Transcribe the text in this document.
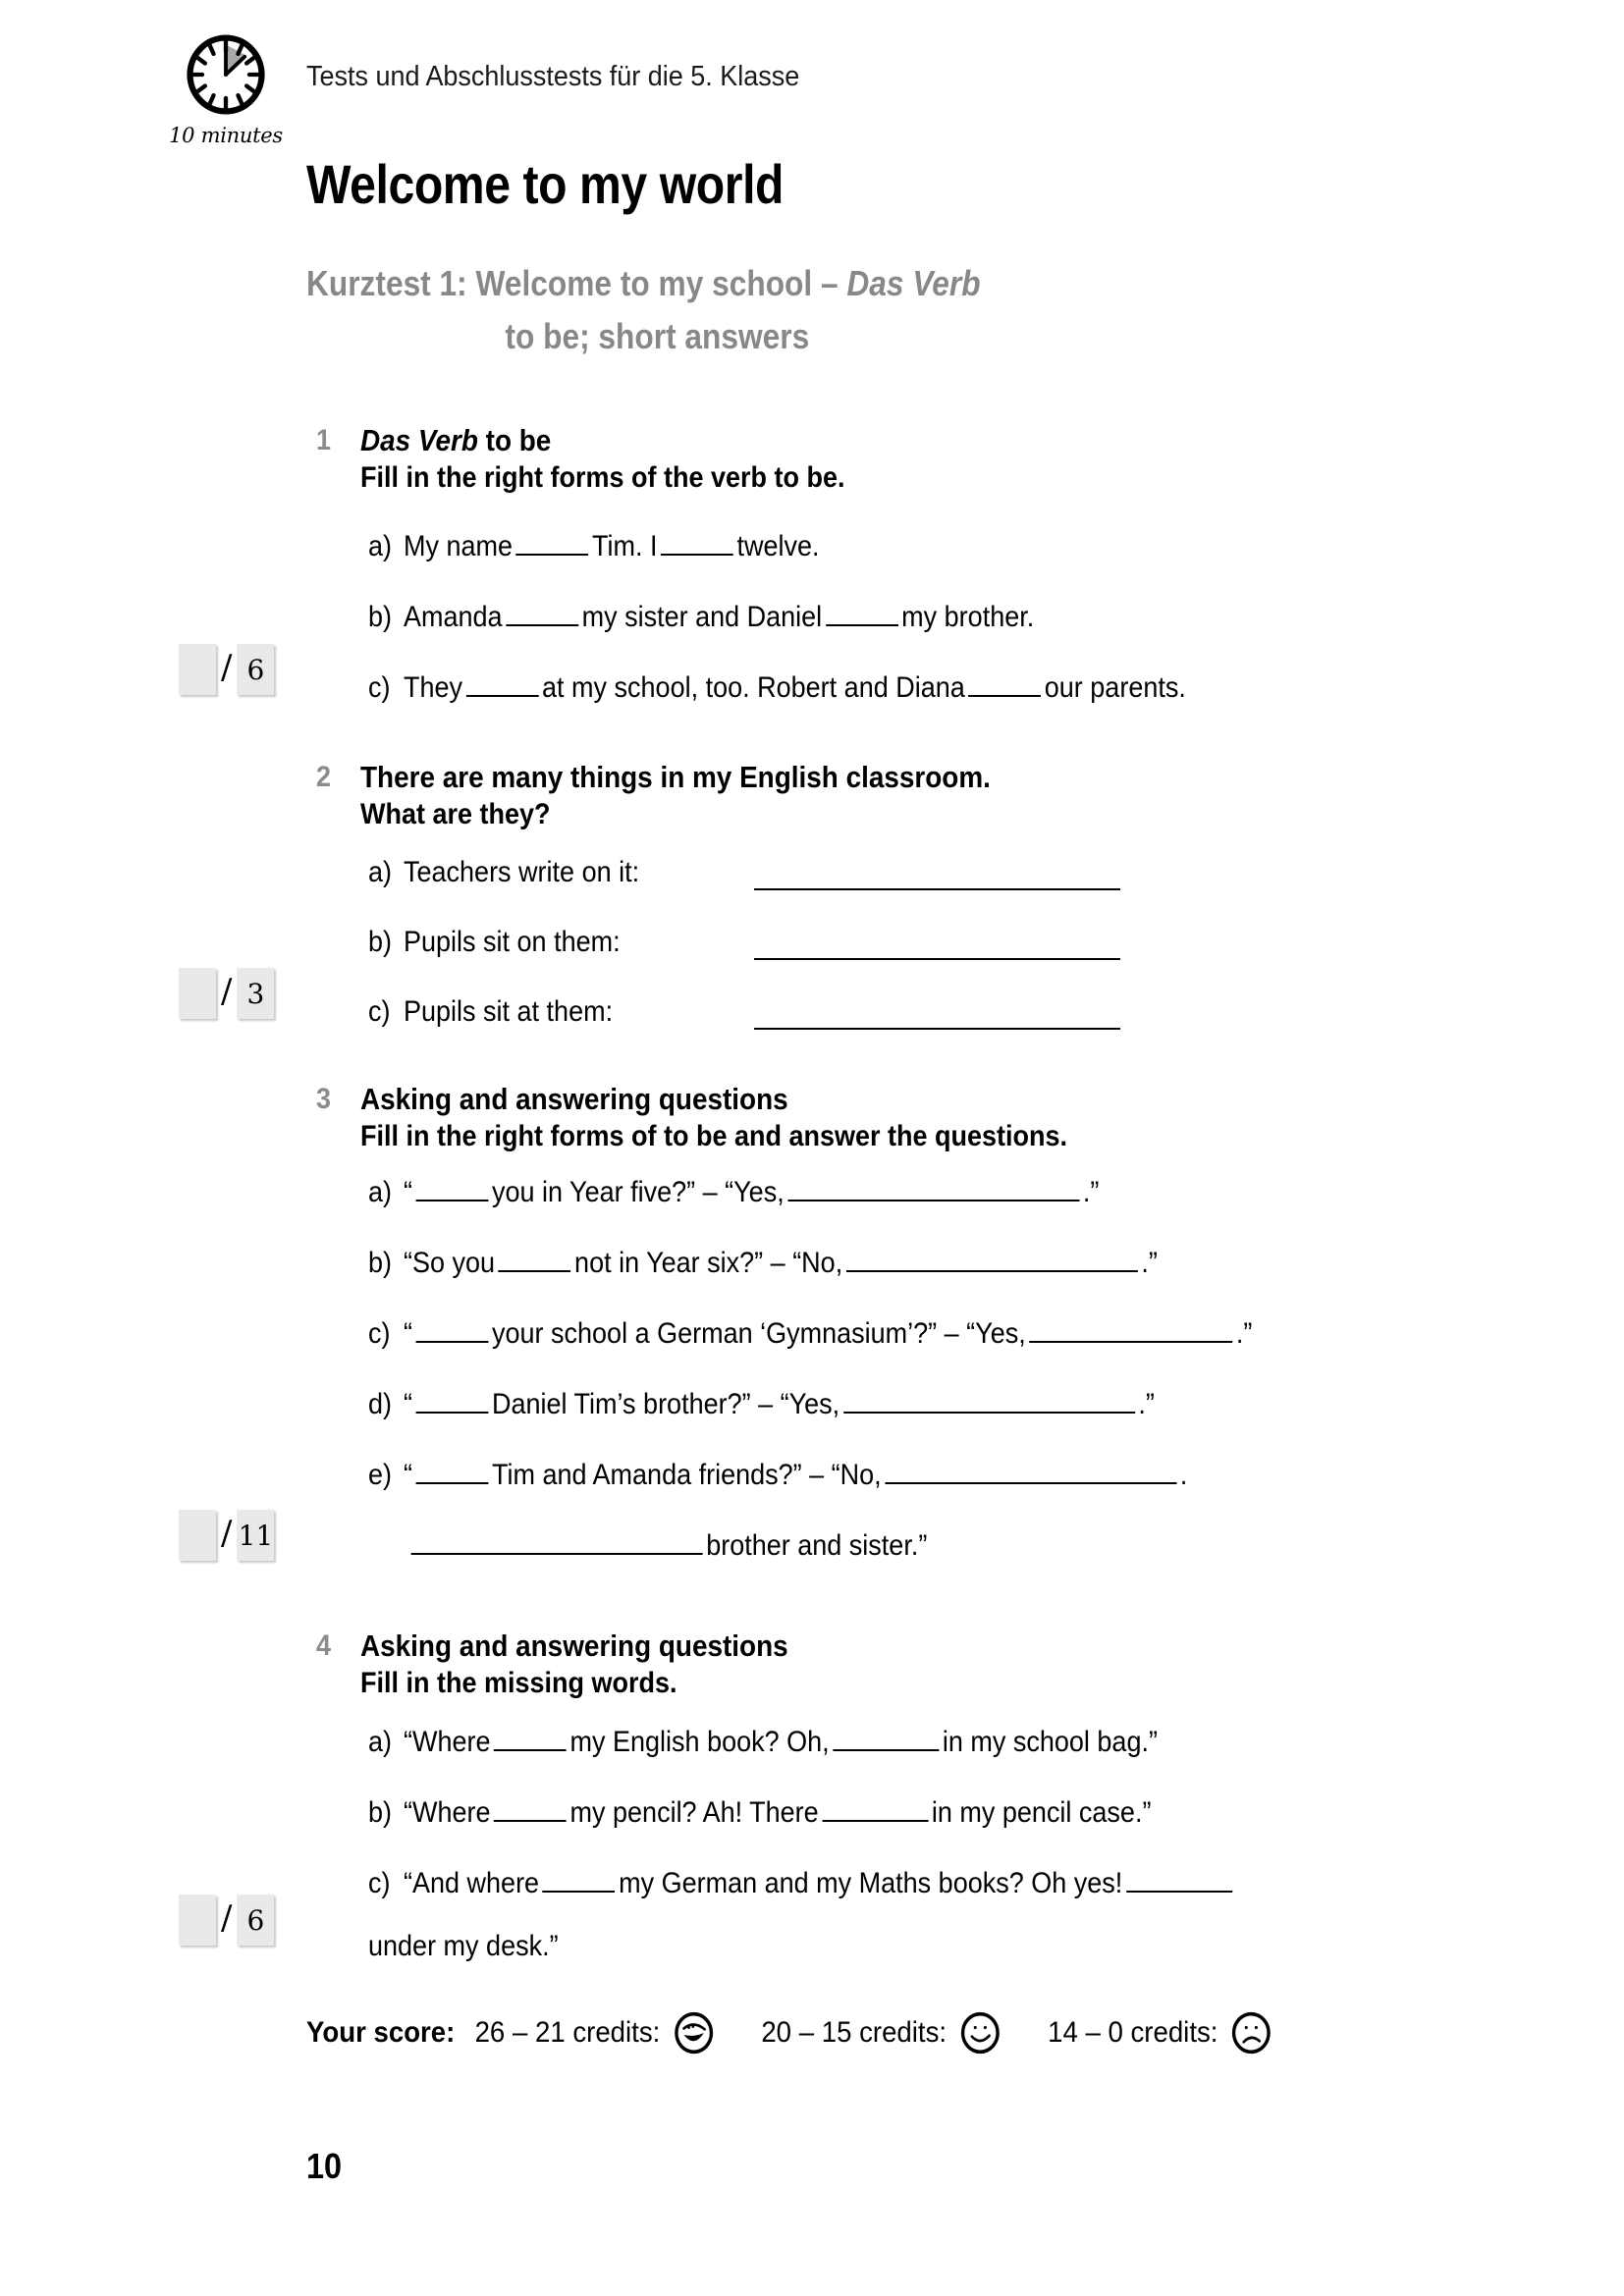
10 minutes
Tests und Abschlusstests für die 5. Klasse
Welcome to my world
Kurztest 1: Welcome to my school – Das Verb
to be; short answers
1 Das Verb to be
Fill in the right forms of the verb to be.
a) My name	Tim. I	twelve.
b) Amanda	my sister and Daniel	my brother.
c) They	at my school, too. Robert and Diana	our parents.
/ 6
2 There are many things in my English classroom.
What are they?
a) Teachers write on it:
b) Pupils sit on them:
c) Pupils sit at them:
/ 3
3 Asking and answering questions
Fill in the right forms of to be and answer the questions.
a) “	you in Year five?” – “Yes,	.”
b) “So you	not in Year six?” – “No,	.”
c) “	your school a German ‘Gymnasium’?” – “Yes,	.”
d) “	Daniel Tim’s brother?” – “Yes,	.”
e) “	Tim and Amanda friends?” – “No,	.
brother and sister.”
/ 11
4 Asking and answering questions
Fill in the missing words.
a) “Where	my English book? Oh,	in my school bag.”
b) “Where	my pencil? Ah! There	in my pencil case.”
c) “And where	my German and my Maths books? Oh yes!
under my desk.”
/ 6
Your score: 26 – 21 credits:	20 – 15 credits:	14 – 0 credits:
10
